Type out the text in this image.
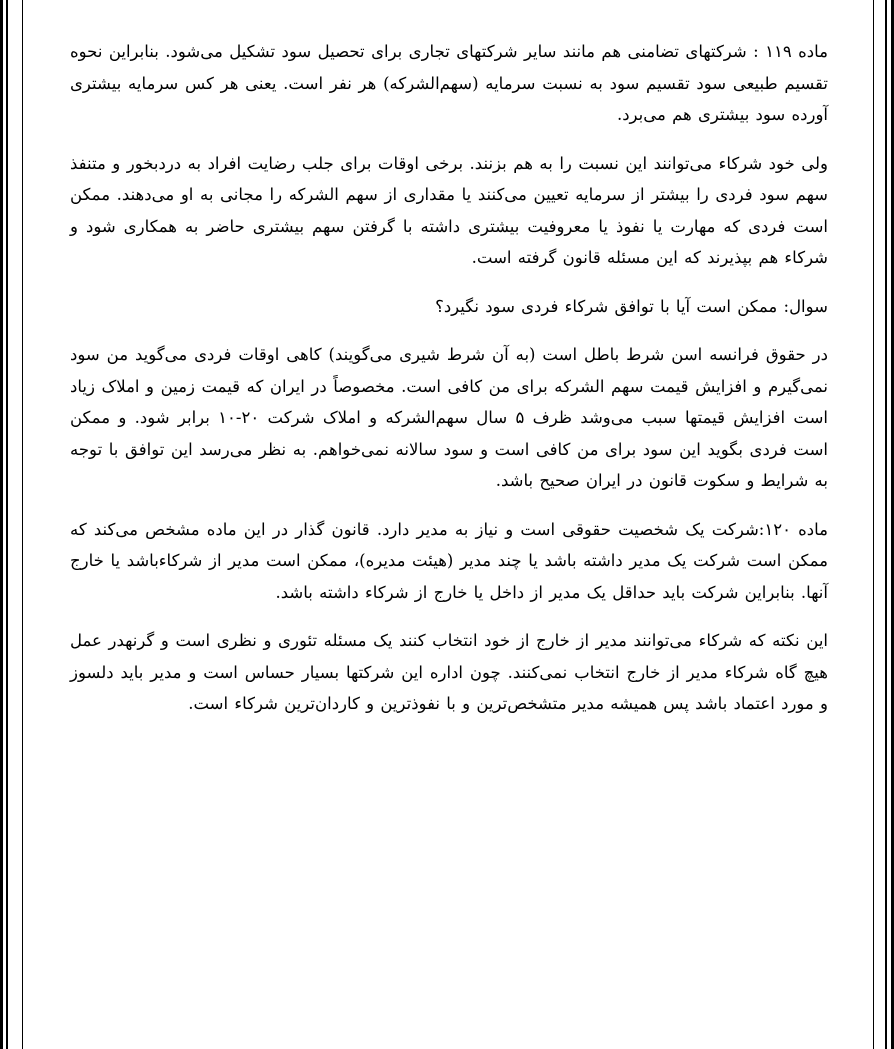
ماده ۱۱۹ : شرکتهای تضامنی هم مانند سایر شرکتهای تجاری برای تحصیل سود تشکیل می‌شود. بنابراین نحوه تقسیم طبیعی سود تقسیم سود به نسبت سرمایه (سهم‌الشرکه) هر نفر است. یعنی هر کس سرمایه بیشتری آورده سود بیشتری هم می‌برد.

ولی خود شرکاء می‌توانند این نسبت را به هم بزنند. برخی اوقات برای جلب رضایت افراد به دردبخور و متنفذ سهم سود فردی را بیشتر از سرمایه تعیین می‌کنند یا مقداری از سهم الشرکه را مجانی به او می‌دهند. ممکن است فردی که مهارت یا نفوذ یا معروفیت بیشتری داشته با گرفتن سهم بیشتری حاضر به همکاری شود و شرکاء هم بپذیرند که این مسئله قانون گرفته است.

سوال: ممکن است آیا با توافق شرکاء فردی سود نگیرد؟

در حقوق فرانسه اسن شرط باطل است (به آن شرط شیری می‌گویند) کاهی اوقات فردی می‌گوید من سود نمی‌گیرم و افزایش قیمت سهم الشرکه برای من کافی است. مخصوصاً در ایران که قیمت زمین و املاک زیاد است افزایش قیمتها سبب می‌وشد ظرف ۵ سال سهم‌الشرکه و املاک شرکت ۲۰-۱۰ برابر شود. و ممکن است فردی بگوید این سود برای من کافی است و سود سالانه نمی‌خواهم. به نظر می‌رسد این توافق با توجه به شرایط و سکوت قانون در ایران صحیح باشد.

ماده ۱۲۰:شرکت یک شخصیت حقوقی است و نیاز به مدیر دارد. قانون گذار در این ماده مشخص می‌کند که ممکن است شرکت یک مدیر داشته باشد یا چند مدیر (هیئت مدیره)، ممکن است مدیر از شرکاءباشد یا خارج آنها. بنابراین شرکت باید حداقل یک مدیر از داخل یا خارج از شرکاء داشته باشد.

این نکته که شرکاء می‌توانند مدیر از خارج از خود انتخاب کنند یک مسئله تئوری و نظری است و گرنهدر عمل هیچ گاه شرکاء مدیر از خارج انتخاب نمی‌کنند. چون اداره این شرکتها بسیار حساس است و مدیر باید دلسوز و مورد اعتماد باشد پس همیشه مدیر متشخص‌ترین و با نفوذترین و کاردان‌ترین شرکاء است.
